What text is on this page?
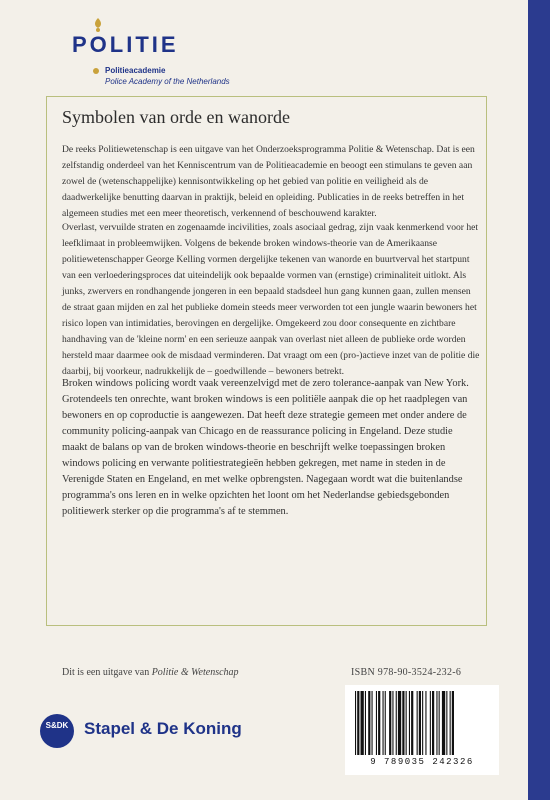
POLITIE
Politieacademie
Police Academy of the Netherlands
Symbolen van orde en wanorde

De reeks Politiewetenschap is een uitgave van het Onderzoeksprogramma Politie & Wetenschap. Dat is een zelfstandig onderdeel van het Kenniscentrum van de Politieacademie en beoogt een stimulans te geven aan zowel de (wetenschappelijke) kennisontwikkeling op het gebied van politie en veiligheid als de daadwerkelijke benutting daarvan in praktijk, beleid en opleiding. Publicaties in de reeks betreffen in het algemeen studies met een meer theoretisch, verkennend of beschouwend karakter.

Overlast, vervuilde straten en zogenaamde incivilities, zoals asociaal gedrag, zijn vaak kenmerkend voor het leefklimaat in probleemwijken. Volgens de bekende broken windows-theorie van de Amerikaanse politiewetenschapper George Kelling vormen dergelijke tekenen van wanorde en buurtverval het startpunt van een verloederingsproces dat uiteindelijk ook bepaalde vormen van (ernstige) criminaliteit uitlokt. Als junks, zwervers en rondhangende jongeren in een bepaald stadsdeel hun gang kunnen gaan, zullen mensen de straat gaan mijden en zal het publieke domein steeds meer verworden tot een jungle waarin bewoners het risico lopen van intimidaties, berovingen en dergelijke. Omgekeerd zou door consequente en zichtbare handhaving van de 'kleine norm' en een serieuze aanpak van overlast niet alleen de publieke orde worden hersteld maar daarmee ook de misdaad verminderen. Dat vraagt om een (pro-)actieve inzet van de politie die daarbij, bij voorkeur, nadrukkelijk de – goedwillende – bewoners betrekt.

Broken windows policing wordt vaak vereenzelvigd met de zero tolerance-aanpak van New York. Grotendeels ten onrechte, want broken windows is een politiële aanpak die op het raadplegen van bewoners en op coproductie is aangewezen. Dat heeft deze strategie gemeen met onder andere de community policing-aanpak van Chicago en de reassurance policing in Engeland. Deze studie maakt de balans op van de broken windows-theorie en beschrijft welke toepassingen broken windows policing en verwante politiestrategieën hebben gekregen, met name in steden in de Verenigde Staten en Engeland, en met welke opbrengsten. Nagegaan wordt wat die buitenlandse programma's ons leren en in welke opzichten het loont om het Nederlandse gebiedsgebonden politiewerk sterker op die programma's af te stemmen.

Dit is een uitgave van Politie & Wetenschap	ISBN 978-90-3524-232-6
S&DK Stapel & De Koning
9 789035 242326
